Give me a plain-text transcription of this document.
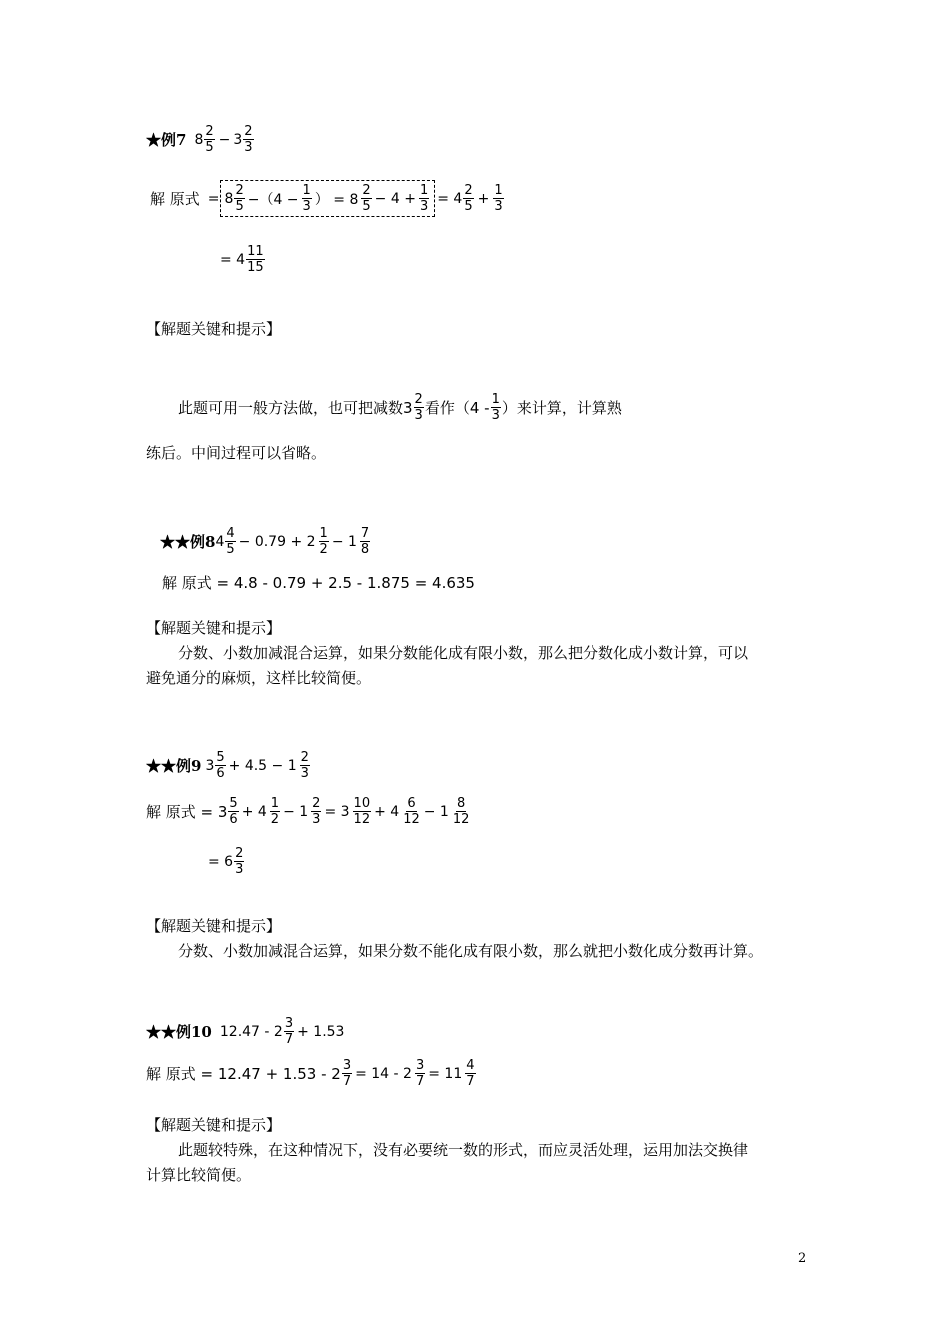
★例7 $8 \frac{2}{5} - 3 \frac{2}{3}$
解 原式 = $8 \frac{2}{5} -(4 - \frac{1}{3}$ ） = $8 \frac{2}{5} - 4 + \frac{1}{3} = 4 \frac{2}{5} + \frac{1}{3}$
= $4 \frac{11}{15}$
【解题关键和提示】
此题可用一般方法做，也可把减数$3 \frac{2}{3}$ 看作（$4 - \frac{1}{3}$ ）来计算，计算熟
练后。中间过程可以省略。
★★例8 $4 \frac{4}{5} - 0.79 + 2 \frac{1}{2} - 1 \frac{7}{8}$
解 原式 = 4.8 - 0.79 + 2.5 - 1.875 = 4.635
【解题关键和提示】
分数、小数加减混合运算，如果分数能化成有限小数，那么把分数化成小数计算，可以
避免通分的麻烦，这样比较简便。
★★例9 $3 \frac{5}{6} + 4.5 - 1 \frac{2}{3}$
解 原式 = $3 \frac{5}{6} + 4 \frac{1}{2} - 1 \frac{2}{3} = 3 \frac{10}{12} + 4 \frac{6}{12} - 1 \frac{8}{12}$
= $6 \frac{2}{3}$
【解题关键和提示】
分数、小数加减混合运算，如果分数不能化成有限小数，那么就把小数化成分数再计算。
★★例10 $12.47 - 2 \frac{3}{7} + 1.53$
解 原式 = $12.47 + 1.53 - 2 \frac{3}{7} = 14 - 2 \frac{3}{7} = 11 \frac{4}{7}$
【解题关键和提示】
此题较特殊，在这种情况下，没有必要统一数的形式，而应灵活处理，运用加法交换律
计算比较简便。
2
